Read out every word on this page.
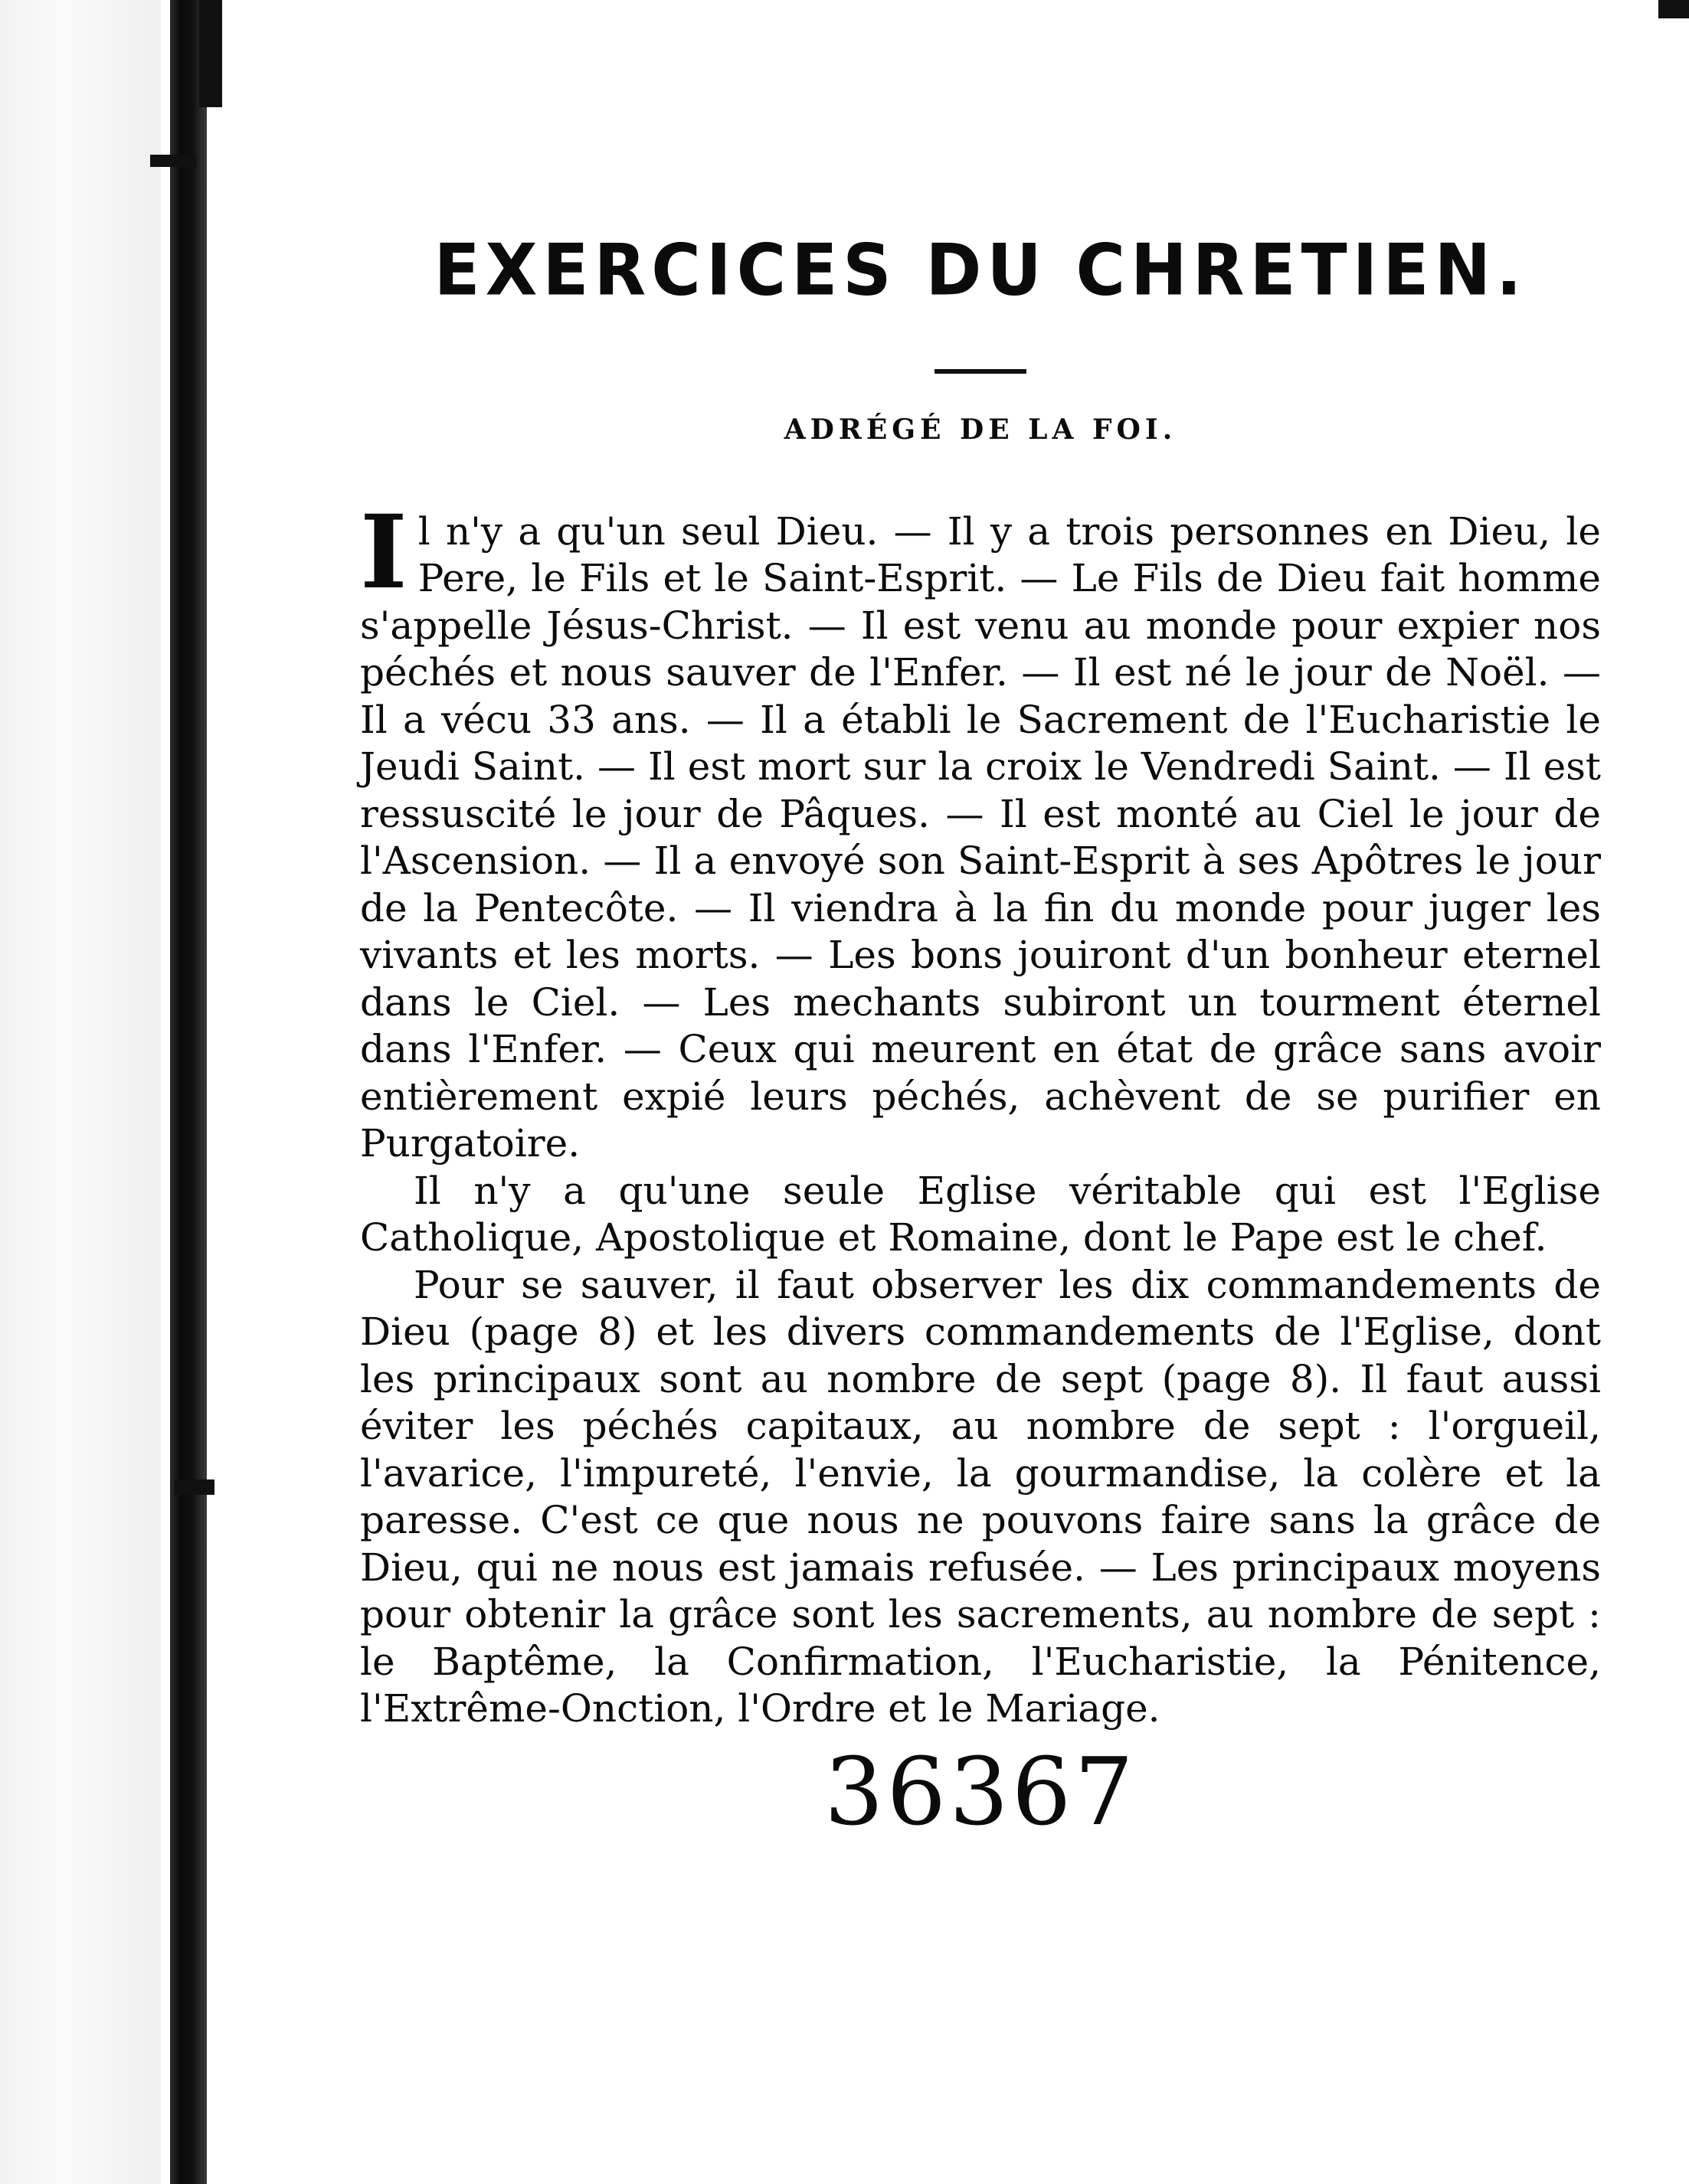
EXERCICES DU CHRETIEN.
ADRÉGÉ DE LA FOI.

Il n'y a qu'un seul Dieu. — Il y a trois personnes en Dieu, le Pere, le Fils et le Saint-Esprit. — Le Fils de Dieu fait homme s'appelle Jésus-Christ. — Il est venu au monde pour expier nos péchés et nous sauver de l'Enfer. — Il est né le jour de Noël. — Il a vécu 33 ans. — Il a établi le Sacrement de l'Eucharistie le Jeudi Saint. — Il est mort sur la croix le Vendredi Saint. — Il est ressuscité le jour de Pâques. — Il est monté au Ciel le jour de l'Ascension. — Il a envoyé son Saint-Esprit à ses Apôtres le jour de la Pentecôte. — Il viendra à la fin du monde pour juger les vivants et les morts. — Les bons jouiront d'un bonheur eternel dans le Ciel. — Les mechants subiront un tourment éternel dans l'Enfer. — Ceux qui meurent en état de grâce sans avoir entièrement expié leurs péchés, achèvent de se purifier en Purgatoire.

Il n'y a qu'une seule Eglise véritable qui est l'Eglise Catholique, Apostolique et Romaine, dont le Pape est le chef.

Pour se sauver, il faut observer les dix commandements de Dieu (page 8) et les divers commandements de l'Eglise, dont les principaux sont au nombre de sept (page 8). Il faut aussi éviter les péchés capitaux, au nombre de sept : l'orgueil, l'avarice, l'impureté, l'envie, la gourmandise, la colère et la paresse. C'est ce que nous ne pouvons faire sans la grâce de Dieu, qui ne nous est jamais refusée. — Les principaux moyens pour obtenir la grâce sont les sacrements, au nombre de sept : le Baptême, la Confirmation, l'Eucharistie, la Pénitence, l'Extrême-Onction, l'Ordre et le Mariage.

36367
